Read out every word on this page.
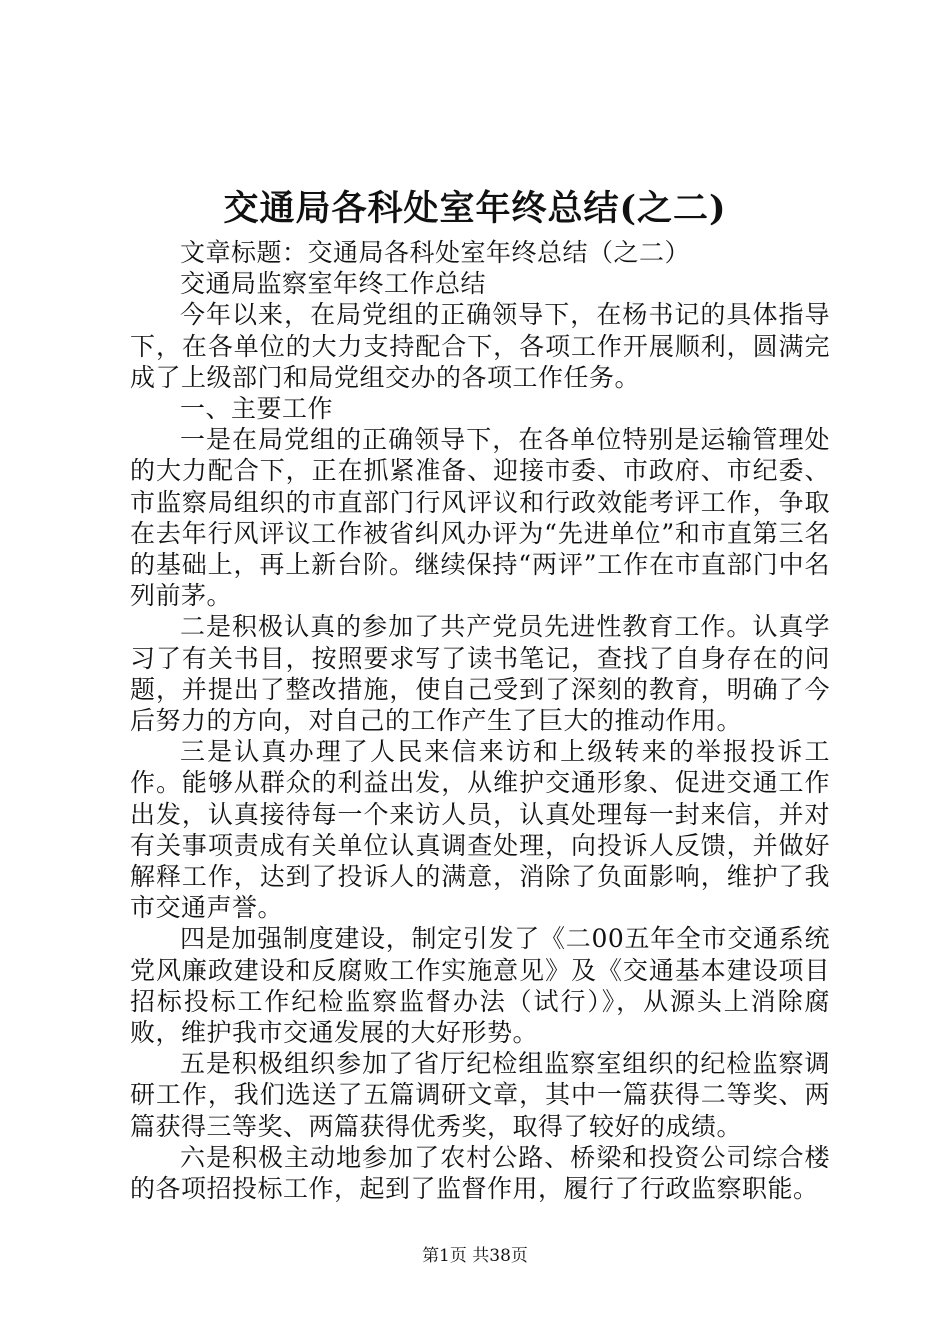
交通局各科处室年终总结(之二)

文章标题：交通局各科处室年终总结（之二）

交通局监察室年终工作总结

今年以来，在局党组的正确领导下，在杨书记的具体指导下，在各单位的大力支持配合下，各项工作开展顺利，圆满完成了上级部门和局党组交办的各项工作任务。

一、主要工作

一是在局党组的正确领导下，在各单位特别是运输管理处的大力配合下，正在抓紧准备、迎接市委、市政府、市纪委、市监察局组织的市直部门行风评议和行政效能考评工作，争取在去年行风评议工作被省纠风办评为“先进单位”和市直第三名的基础上，再上新台阶。继续保持“两评”工作在市直部门中名列前茅。

二是积极认真的参加了共产党员先进性教育工作。认真学习了有关书目，按照要求写了读书笔记，查找了自身存在的问题，并提出了整改措施，使自己受到了深刻的教育，明确了今后努力的方向，对自己的工作产生了巨大的推动作用。

三是认真办理了人民来信来访和上级转来的举报投诉工作。能够从群众的利益出发，从维护交通形象、促进交通工作出发，认真接待每一个来访人员，认真处理每一封来信，并对有关事项责成有关单位认真调查处理，向投诉人反馈，并做好解释工作，达到了投诉人的满意，消除了负面影响，维护了我市交通声誉。

四是加强制度建设，制定引发了《二00五年全市交通系统党风廉政建设和反腐败工作实施意见》及《交通基本建设项目招标投标工作纪检监察监督办法（试行）》，从源头上消除腐败，维护我市交通发展的大好形势。

五是积极组织参加了省厅纪检组监察室组织的纪检监察调研工作，我们选送了五篇调研文章，其中一篇获得二等奖、两篇获得三等奖、两篇获得优秀奖，取得了较好的成绩。

六是积极主动地参加了农村公路、桥梁和投资公司综合楼的各项招投标工作，起到了监督作用，履行了行政监察职能。

第1页 共38页
